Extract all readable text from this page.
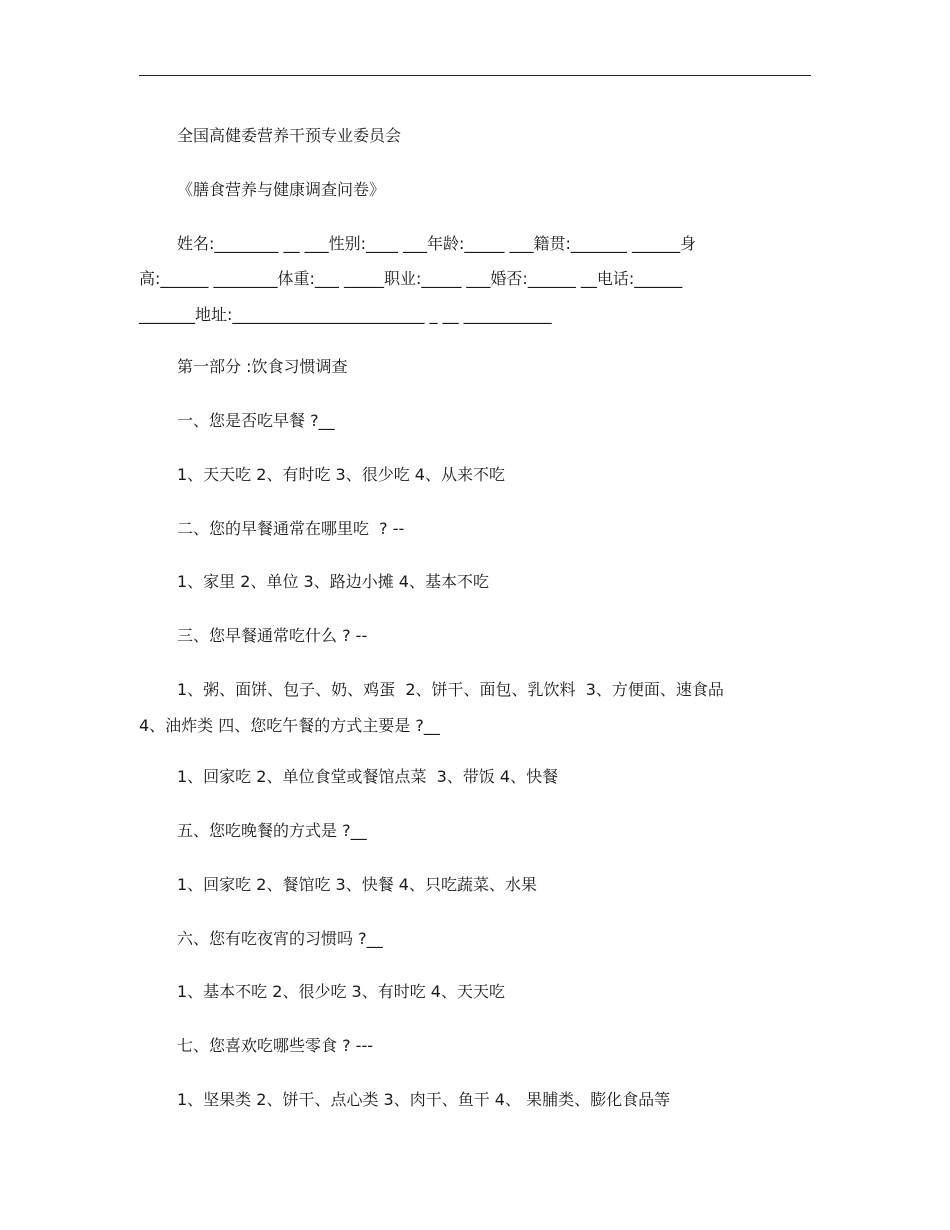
全国高健委营养干预专业委员会
《膳食营养与健康调查问卷》
姓名:________ __ ___性别:____ ___年龄:_____ ___籍贯:_______ ______身
高:______ ________体重:___ _____职业:_____ ___婚否:______ __电话:______
_______地址:________________________ _ __ ___________
第一部分 :饮食习惯调查
一、您是否吃早餐 ?__
1、天天吃 2、有时吃 3、很少吃 4、从来不吃
二、您的早餐通常在哪里吃  ? --
1、家里 2、单位 3、路边小摊 4、基本不吃
三、您早餐通常吃什么 ? --
1、粥、面饼、包子、奶、鸡蛋  2、饼干、面包、乳饮料  3、方便面、速食品
4、油炸类 四、您吃午餐的方式主要是 ?__
1、回家吃 2、单位食堂或餐馆点菜  3、带饭 4、快餐
五、您吃晚餐的方式是 ?__
1、回家吃 2、餐馆吃 3、快餐 4、只吃蔬菜、水果
六、您有吃夜宵的习惯吗 ?__
1、基本不吃 2、很少吃 3、有时吃 4、天天吃
七、您喜欢吃哪些零食 ? ---
1、坚果类 2、饼干、点心类 3、肉干、鱼干 4、 果脯类、膨化食品等
